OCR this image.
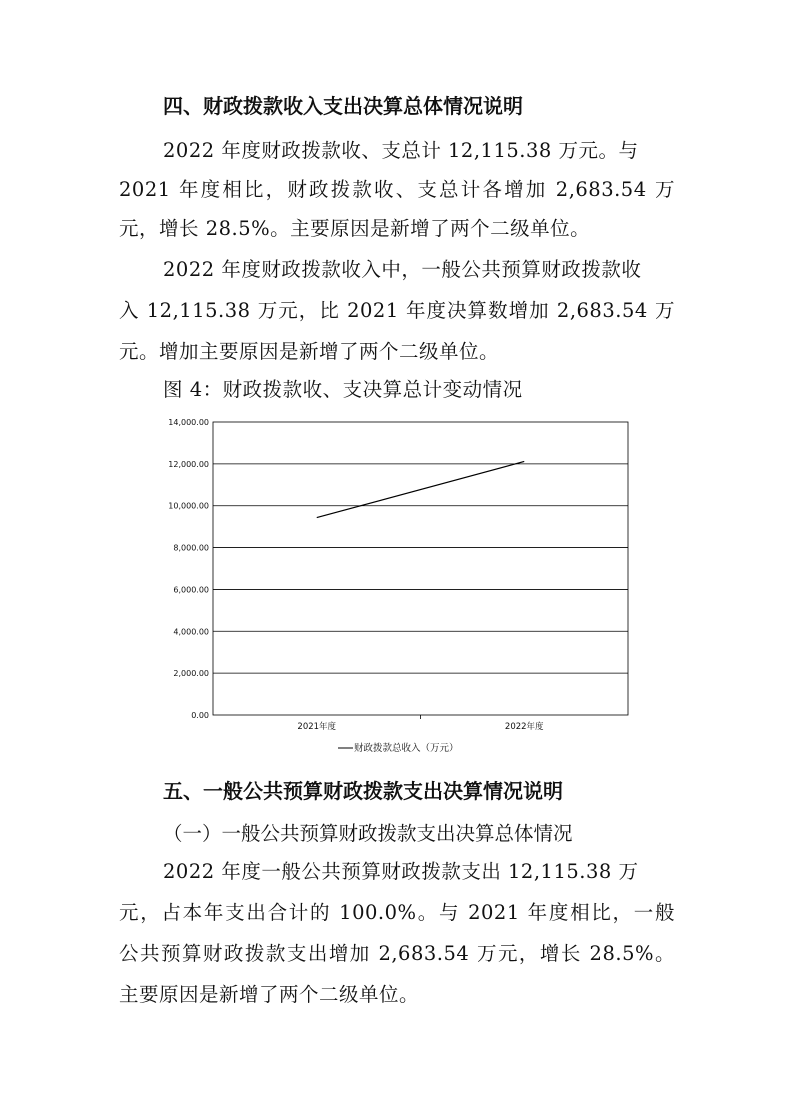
四、财政拨款收入支出决算总体情况说明
2022 年度财政拨款收、支总计 12,115.38 万元。与
2021 年度相比，财政拨款收、支总计各增加 2,683.54 万
元，增长 28.5%。主要原因是新增了两个二级单位。
2022 年度财政拨款收入中，一般公共预算财政拨款收
入 12,115.38 万元，比 2021 年度决算数增加 2,683.54 万
元。增加主要原因是新增了两个二级单位。
图 4：财政拨款收、支决算总计变动情况
0.00
2,000.00
4,000.00
6,000.00
8,000.00
10,000.00
12,000.00
14,000.00
2021年度	2022年度
财政拨款总收入（万元）
五、一般公共预算财政拨款支出决算情况说明
（一）一般公共预算财政拨款支出决算总体情况
2022 年度一般公共预算财政拨款支出 12,115.38 万
元，占本年支出合计的 100.0%。与 2021 年度相比，一般
公共预算财政拨款支出增加 2,683.54 万元，增长 28.5%。
主要原因是新增了两个二级单位。
